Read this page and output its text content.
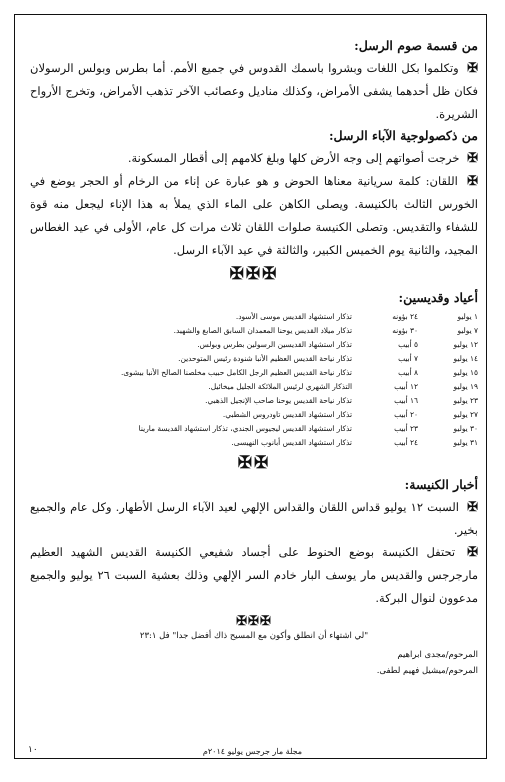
من قسمة صوم الرسل:

✠ وتكلموا بكل اللغات وبشروا باسمك القدوس في جميع الأمم. أما بطرس وبولس الرسولان فكان ظل أحدهما يشفى الأمراض، وكذلك مناديل وعصائب الآخر تذهب الأمراض، وتخرج الأرواح الشريرة.

من ذكصولوجية الآباء الرسل:

✠ خرجت أصواتهم إلى وجه الأرض كلها وبلغ كلامهم إلى أقطار المسكونة.

✠ اللقان: كلمة سريانية معناها الحوض و هو عبارة عن إناء من الرخام أو الحجر يوضع في الخورس الثالث بالكنيسة. ويصلى الكاهن على الماء الذي يملأ به هذا الإناء ليجعل منه قوة للشفاء والتقديس. وتصلى الكنيسة صلوات اللقان ثلاث مرات كل عام، الأولى في عيد الغطاس المجيد، والثانية يوم الخميس الكبير، والثالثة في عيد الآباء الرسل.

✠✠✠

أعياد وقديسين:

١ يوليو	٢٤ بؤونه	تذكار استشهاد القديس موسى الأسود.
٧ يوليو	٣٠ بؤونه	تذكار ميلاد القديس يوحنا المعمدان السابق الصابغ والشهيد.
١٢ يوليو	٥ أبيب	تذكار استشهاد القديسين الرسولين بطرس وبولس.
١٤ يوليو	٧ أبيب	تذكار نياحة القديس العظيم الأنبا شنودة رئيس المتوحدين.
١٥ يوليو	٨ أبيب	تذكار نياحة القديس العظيم الرجل الكامل حبيب مخلصنا الصالح الأنبا بيشوى.
١٩ يوليو	١٢ أبيب	التذكار الشهري لرئيس الملائكة الجليل ميخائيل.
٢٣ يوليو	١٦ أبيب	تذكار نياحة القديس يوحنا صاحب الإنجيل الذهبي.
٢٧ يوليو	٢٠ أبيب	تذكار استشهاد القديس تاودروس الشطبي.
٣٠ يوليو	٢٣ أبيب	تذكار استشهاد القديس ليجيوس الجندي، تذكار استشهاد القديسة مارينا
٣١ يوليو	٢٤ أبيب	تذكار استشهاد القديس أبانوب النهيسى.
✠✠

أخبار الكنيسة:

✠ السبت ١٢ يوليو قداس اللقان والقداس الإلهي لعيد الآباء الرسل الأطهار. وكل عام والجميع بخير.

✠ تحتفل الكنيسة بوضع الحنوط على أجساد شفيعي الكنيسة القديس الشهيد العظيم مارجرجس والقديس مار يوسف البار خادم السر الإلهي وذلك بعشية السبت ٢٦ يوليو والجميع مدعوون لنوال البركة.

✠✠✠

"لي اشتهاء أن انطلق وأكون مع المسيح ذاك أفضل جدا" فل ٢٣:١

المرحوم/مجدى ابراهيم

المرحوم/ميشيل فهيم لطفى.

مجلة مار جرجس يوليو ٢٠١٤م
١٠
